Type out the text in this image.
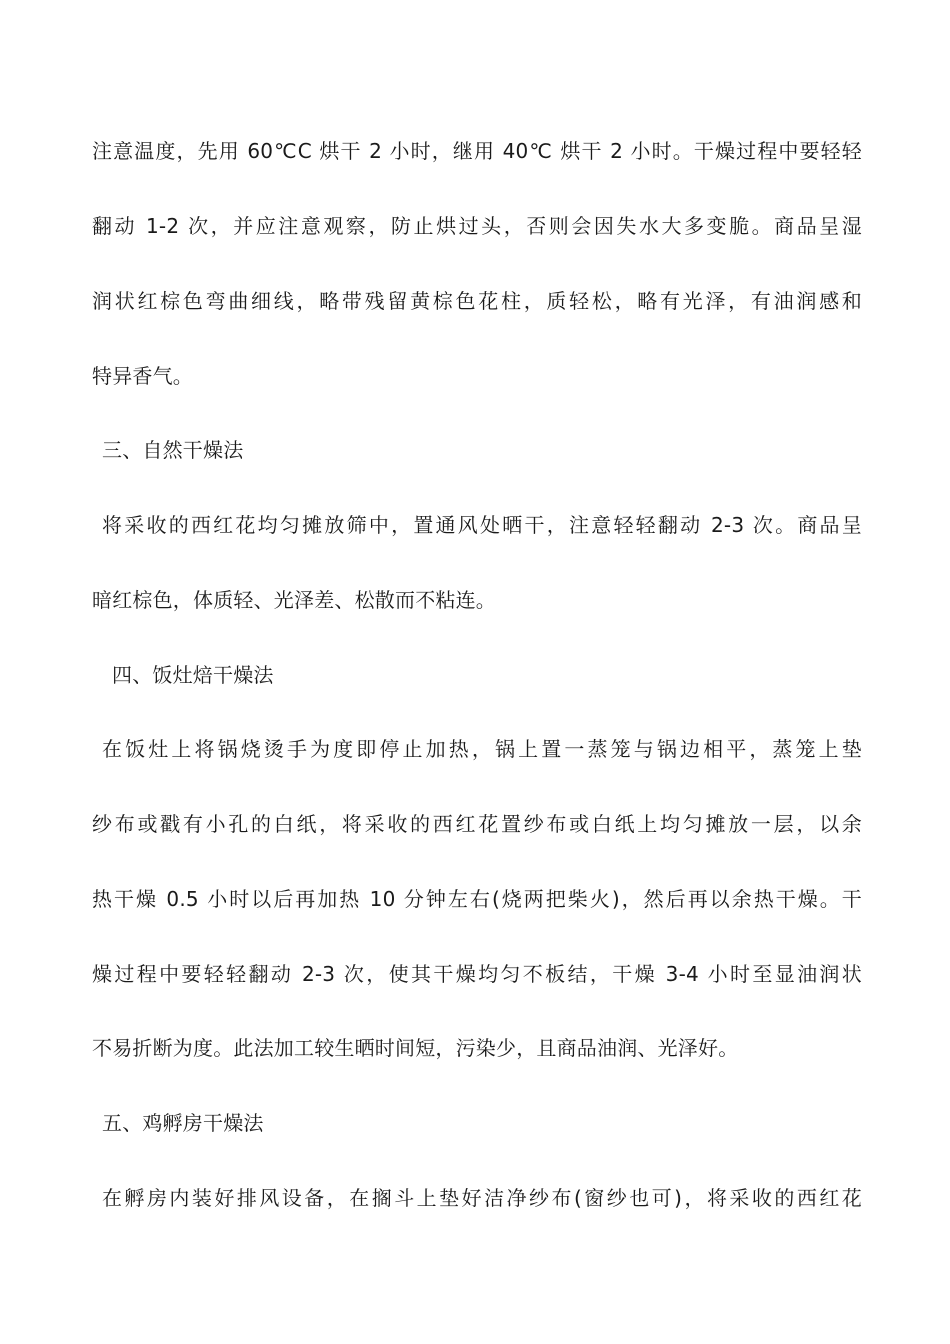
注意温度，先用 60℃C 烘干 2 小时，继用 40℃ 烘干 2 小时。干燥过程中要轻轻
翻动 1-2 次，并应注意观察，防止烘过头，否则会因失水大多变脆。商品呈湿
润状红棕色弯曲细线，略带残留黄棕色花柱，质轻松，略有光泽，有油润感和
特异香气。
三、自然干燥法
将采收的西红花均匀摊放筛中，置通风处晒干，注意轻轻翻动 2-3 次。商品呈
暗红棕色，体质轻、光泽差、松散而不粘连。
四、饭灶焙干燥法
在饭灶上将锅烧烫手为度即停止加热，锅上置一蒸笼与锅边相平，蒸笼上垫
纱布或戳有小孔的白纸，将采收的西红花置纱布或白纸上均匀摊放一层，以余
热干燥 0.5 小时以后再加热 10 分钟左右(烧两把柴火)，然后再以余热干燥。干
燥过程中要轻轻翻动 2-3 次，使其干燥均匀不板结，干燥 3-4 小时至显油润状
不易折断为度。此法加工较生晒时间短，污染少，且商品油润、光泽好。
五、鸡孵房干燥法
在孵房内装好排风设备，在搁斗上垫好洁净纱布(窗纱也可)，将采收的西红花
